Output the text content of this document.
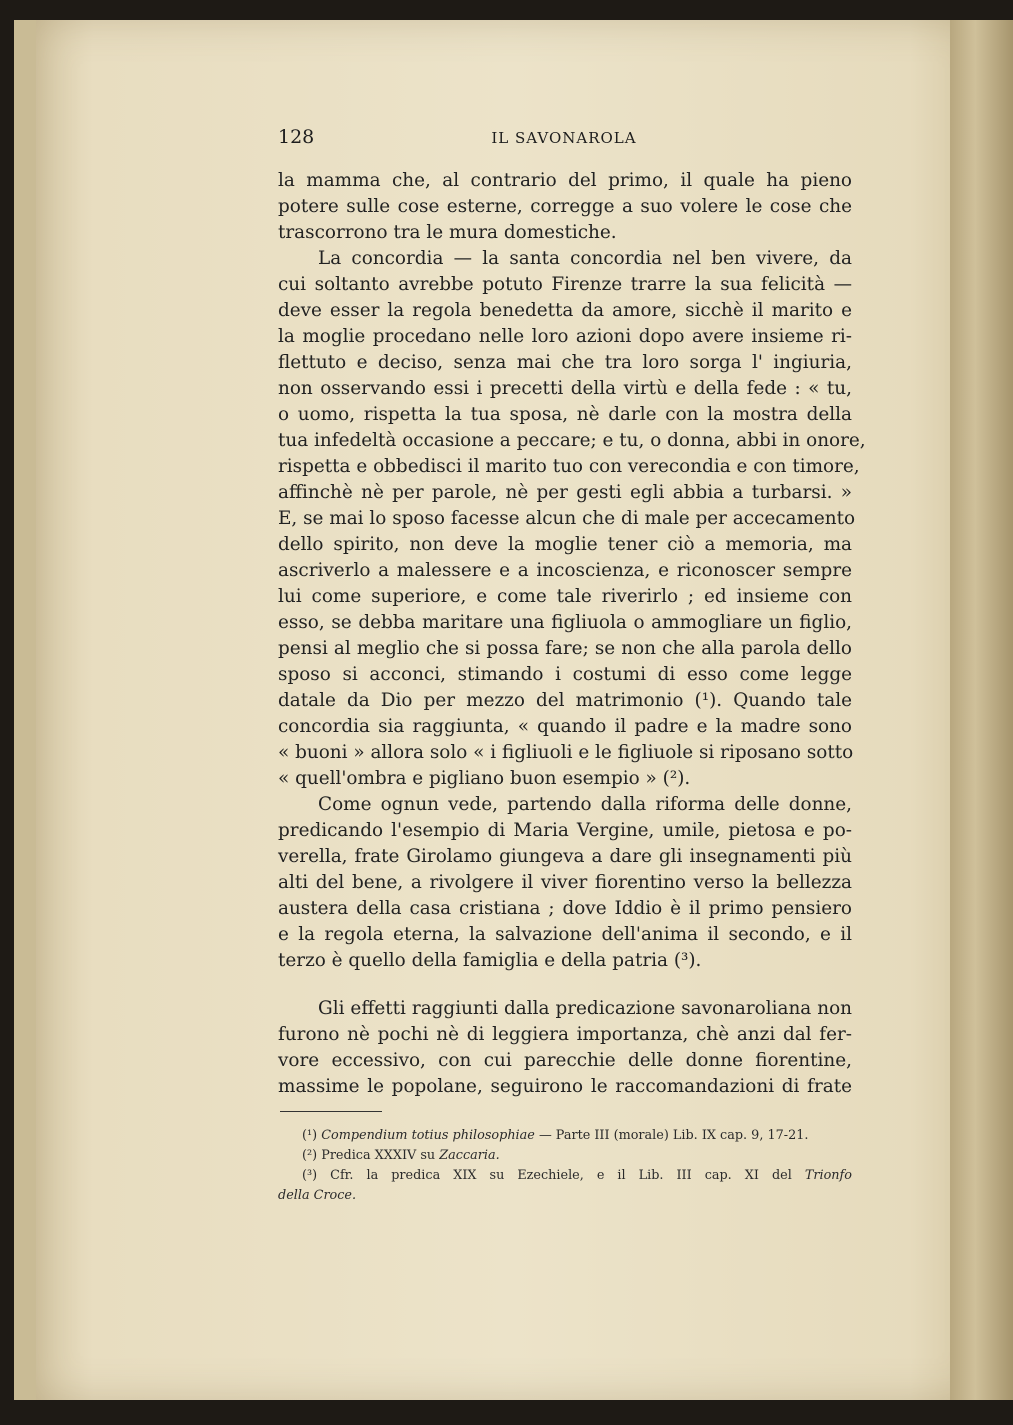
128	IL SAVONAROLA
la mamma che, al contrario del primo, il quale ha pieno
potere sulle cose esterne, corregge a suo volere le cose che
trascorrono tra le mura domestiche.
La concordia — la santa concordia nel ben vivere, da
cui soltanto avrebbe potuto Firenze trarre la sua felicità —
deve esser la regola benedetta da amore, sicchè il marito e
la moglie procedano nelle loro azioni dopo avere insieme ri-
flettuto e deciso, senza mai che tra loro sorga l' ingiuria,
non osservando essi i precetti della virtù e della fede : « tu,
o uomo, rispetta la tua sposa, nè darle con la mostra della
tua infedeltà occasione a peccare; e tu, o donna, abbi in onore,
rispetta e obbedisci il marito tuo con verecondia e con timore,
affinchè nè per parole, nè per gesti egli abbia a turbarsi. »
E, se mai lo sposo facesse alcun che di male per accecamento
dello spirito, non deve la moglie tener ciò a memoria, ma
ascriverlo a malessere e a incoscienza, e riconoscer sempre
lui come superiore, e come tale riverirlo ; ed insieme con
esso, se debba maritare una figliuola o ammogliare un figlio,
pensi al meglio che si possa fare; se non che alla parola dello
sposo si acconci, stimando i costumi di esso come legge
datale da Dio per mezzo del matrimonio (¹). Quando tale
concordia sia raggiunta, « quando il padre e la madre sono
« buoni » allora solo « i figliuoli e le figliuole si riposano sotto
« quell'ombra e pigliano buon esempio » (²).
Come ognun vede, partendo dalla riforma delle donne,
predicando l'esempio di Maria Vergine, umile, pietosa e po-
verella, frate Girolamo giungeva a dare gli insegnamenti più
alti del bene, a rivolgere il viver fiorentino verso la bellezza
austera della casa cristiana ; dove Iddio è il primo pensiero
e la regola eterna, la salvazione dell'anima il secondo, e il
terzo è quello della famiglia e della patria (³).
Gli effetti raggiunti dalla predicazione savonaroliana non
furono nè pochi nè di leggiera importanza, chè anzi dal fer-
vore eccessivo, con cui parecchie delle donne fiorentine,
massime le popolane, seguirono le raccomandazioni di frate
(¹) Compendium totius philosophiae — Parte III (morale) Lib. IX cap. 9, 17-21.
(²) Predica XXXIV su Zaccaria.
(³) Cfr. la predica XIX su Ezechiele, e il Lib. III cap. XI del Trionfo
della Croce.
